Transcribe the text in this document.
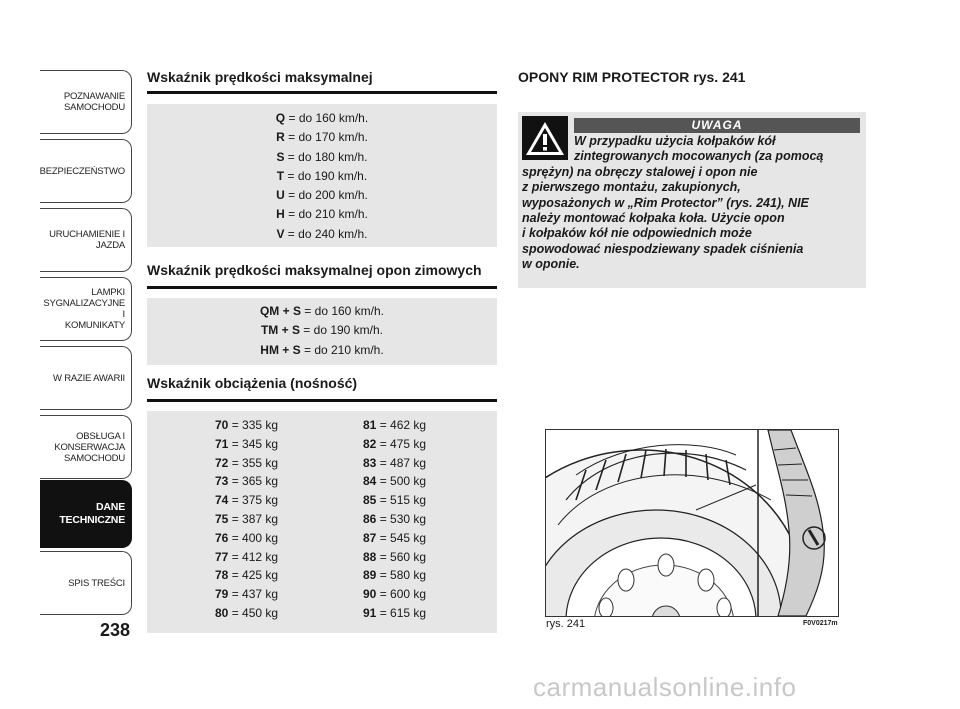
POZNAWANIE
SAMOCHODU
BEZPIECZEŃSTWO
URUCHAMIENIE I
JAZDA
LAMPKI
SYGNALIZACYJNE I
KOMUNIKATY
W RAZIE AWARII
OBSŁUGA I
KONSERWACJA
SAMOCHODU
DANE
TECHNICZNE
SPIS TREŚCI
238
Wskaźnik prędkości maksymalnej
Q = do 160 km/h.
R = do 170 km/h.
S = do 180 km/h.
T = do 190 km/h.
U = do 200 km/h.
H = do 210 km/h.
V = do 240 km/h.
Wskaźnik prędkości maksymalnej opon zimowych
QM + S = do 160 km/h.
TM + S = do 190 km/h.
HM + S = do 210 km/h.
Wskaźnik obciążenia (nośność)
70 = 335 kg
71 = 345 kg
72 = 355 kg
73 = 365 kg
74 = 375 kg
75 = 387 kg
76 = 400 kg
77 = 412 kg
78 = 425 kg
79 = 437 kg
80 = 450 kg
81 = 462 kg
82 = 475 kg
83 = 487 kg
84 = 500 kg
85 = 515 kg
86 = 530 kg
87 = 545 kg
88 = 560 kg
89 = 580 kg
90 = 600 kg
91 = 615 kg
OPONY RIM PROTECTOR rys. 241
UWAGA
W przypadku użycia kołpaków kół
zintegrowanych mocowanych (za pomocą
sprężyn) na obręczy stalowej i opon nie
z pierwszego montażu, zakupionych,
wyposażonych w „Rim Protector” (rys. 241), NIE
należy montować kołpaka koła. Użycie opon
i kołpaków kół nie odpowiednich może
spowodować niespodziewany spadek ciśnienia
w oponie.
rys. 241	F0V0217m
carmanualsonline.info
